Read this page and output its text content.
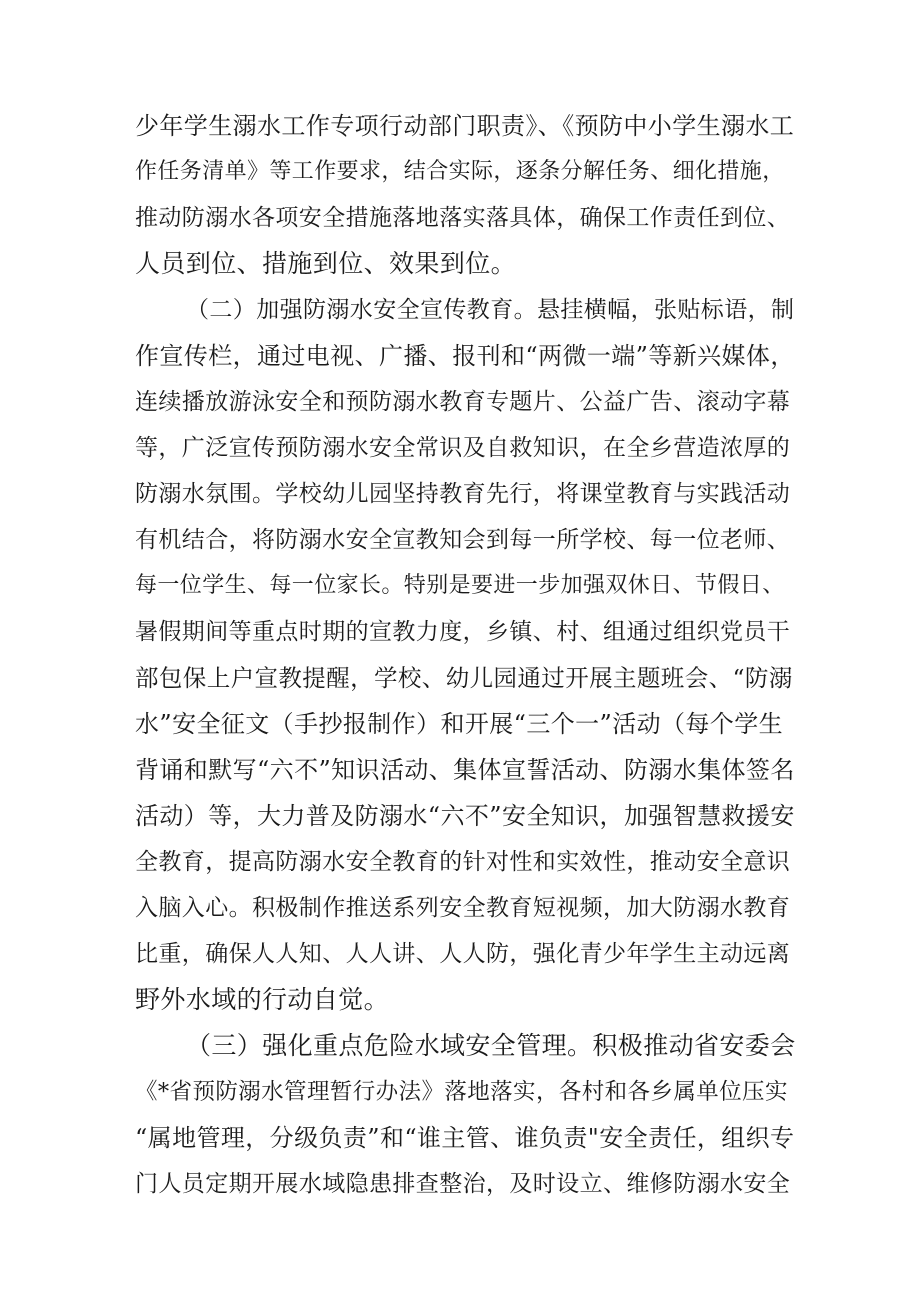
少年学生溺水工作专项行动部门职责》、《预防中小学生溺水工
作任务清单》等工作要求，结合实际，逐条分解任务、细化措施，
推动防溺水各项安全措施落地落实落具体，确保工作责任到位、
人员到位、措施到位、效果到位。
（二）加强防溺水安全宣传教育。悬挂横幅，张贴标语，制
作宣传栏，通过电视、广播、报刊和“两微一端”等新兴媒体，
连续播放游泳安全和预防溺水教育专题片、公益广告、滚动字幕
等，广泛宣传预防溺水安全常识及自救知识，在全乡营造浓厚的
防溺水氛围。学校幼儿园坚持教育先行，将课堂教育与实践活动
有机结合，将防溺水安全宣教知会到每一所学校、每一位老师、
每一位学生、每一位家长。特别是要进一步加强双休日、节假日、
暑假期间等重点时期的宣教力度，乡镇、村、组通过组织党员干
部包保上户宣教提醒，学校、幼儿园通过开展主题班会、“防溺
水”安全征文（手抄报制作）和开展“三个一”活动（每个学生
背诵和默写“六不”知识活动、集体宣誓活动、防溺水集体签名
活动）等，大力普及防溺水“六不”安全知识，加强智慧救援安
全教育，提高防溺水安全教育的针对性和实效性，推动安全意识
入脑入心。积极制作推送系列安全教育短视频，加大防溺水教育
比重，确保人人知、人人讲、人人防，强化青少年学生主动远离
野外水域的行动自觉。
（三）强化重点危险水域安全管理。积极推动省安委会
《*省预防溺水管理暂行办法》落地落实，各村和各乡属单位压实
“属地管理，分级负责”和“谁主管、谁负责"安全责任，组织专
门人员定期开展水域隐患排查整治，及时设立、维修防溺水安全
